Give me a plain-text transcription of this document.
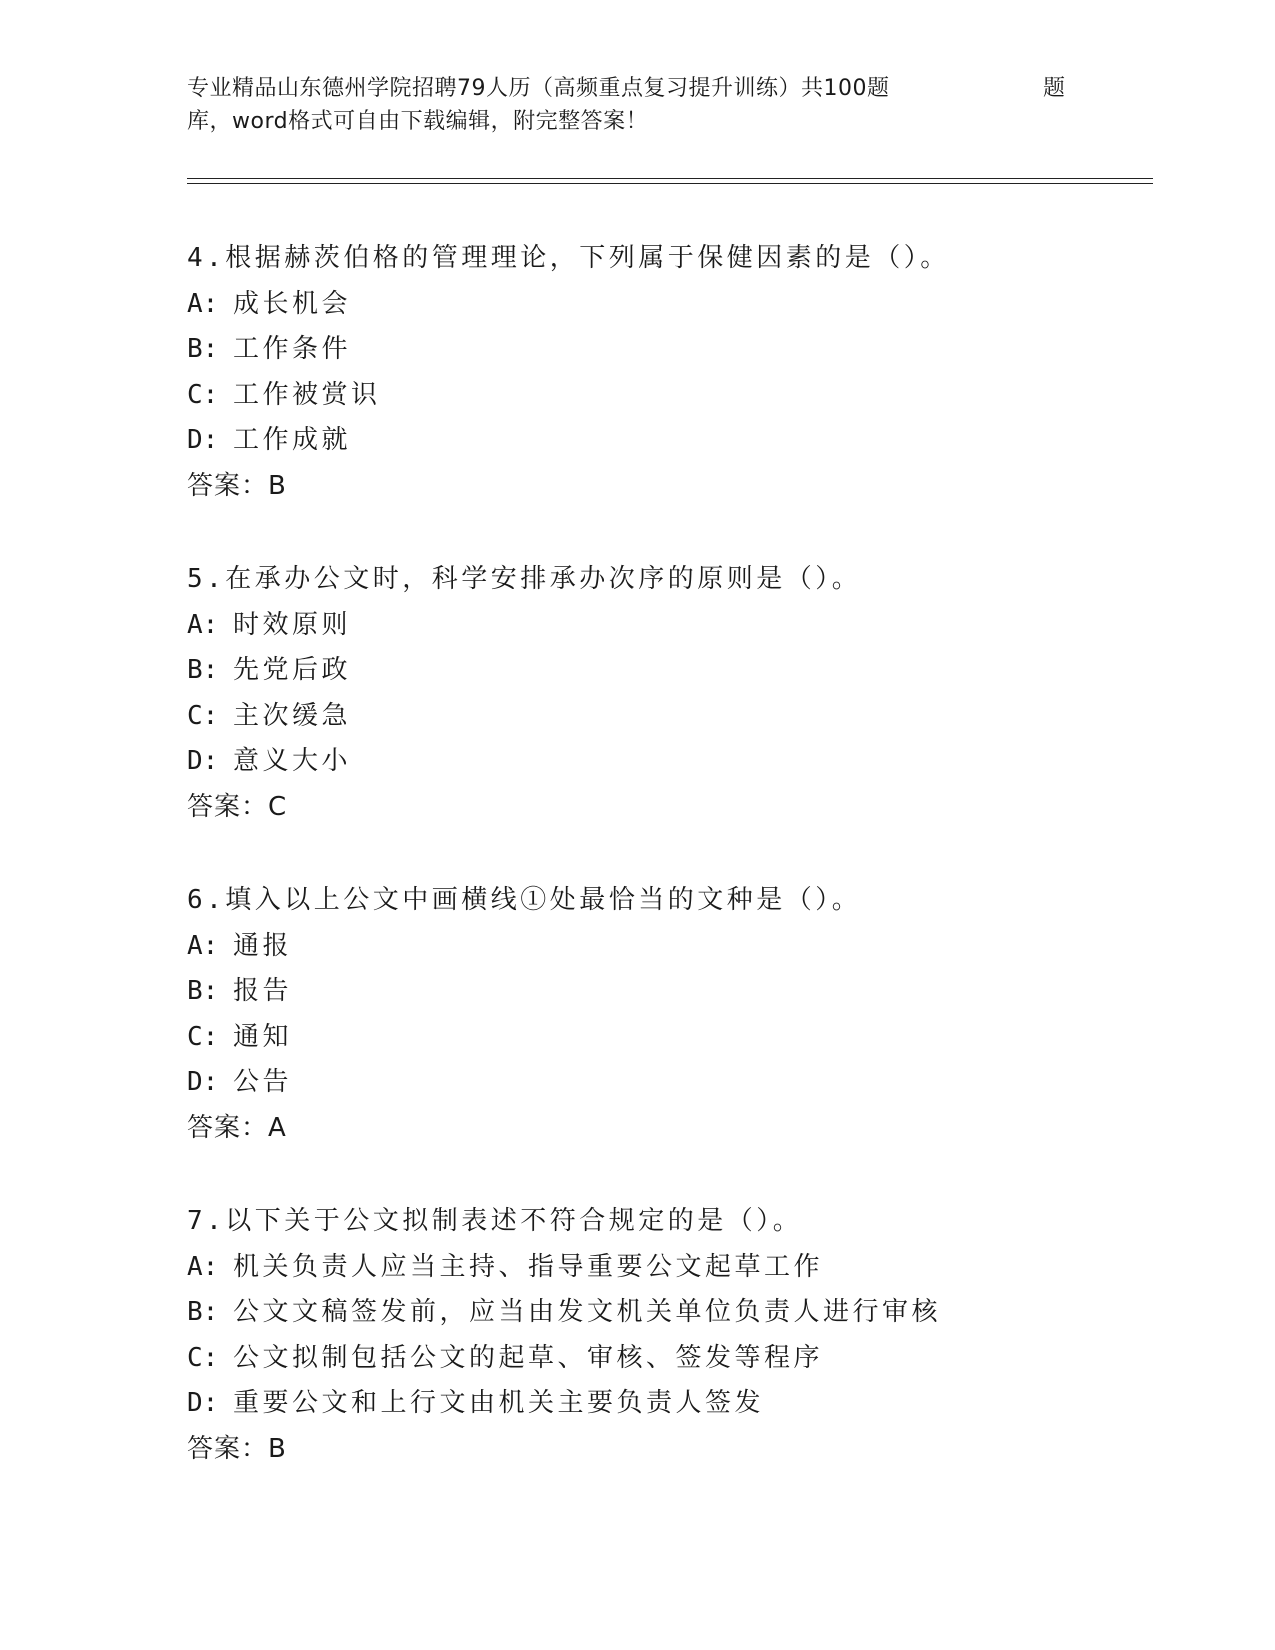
专业精品山东德州学院招聘79人历（高频重点复习提升训练）共100题	题
库，word格式可自由下载编辑，附完整答案！
4.根据赫茨伯格的管理理论，下列属于保健因素的是（）。
A: 成长机会
B: 工作条件
C: 工作被赏识
D: 工作成就
答案：B
5.在承办公文时，科学安排承办次序的原则是（）。
A: 时效原则
B: 先党后政
C: 主次缓急
D: 意义大小
答案：C
6.填入以上公文中画横线①处最恰当的文种是（）。
A: 通报
B: 报告
C: 通知
D: 公告
答案：A
7.以下关于公文拟制表述不符合规定的是（）。
A: 机关负责人应当主持、指导重要公文起草工作
B: 公文文稿签发前，应当由发文机关单位负责人进行审核
C: 公文拟制包括公文的起草、审核、签发等程序
D: 重要公文和上行文由机关主要负责人签发
答案：B
